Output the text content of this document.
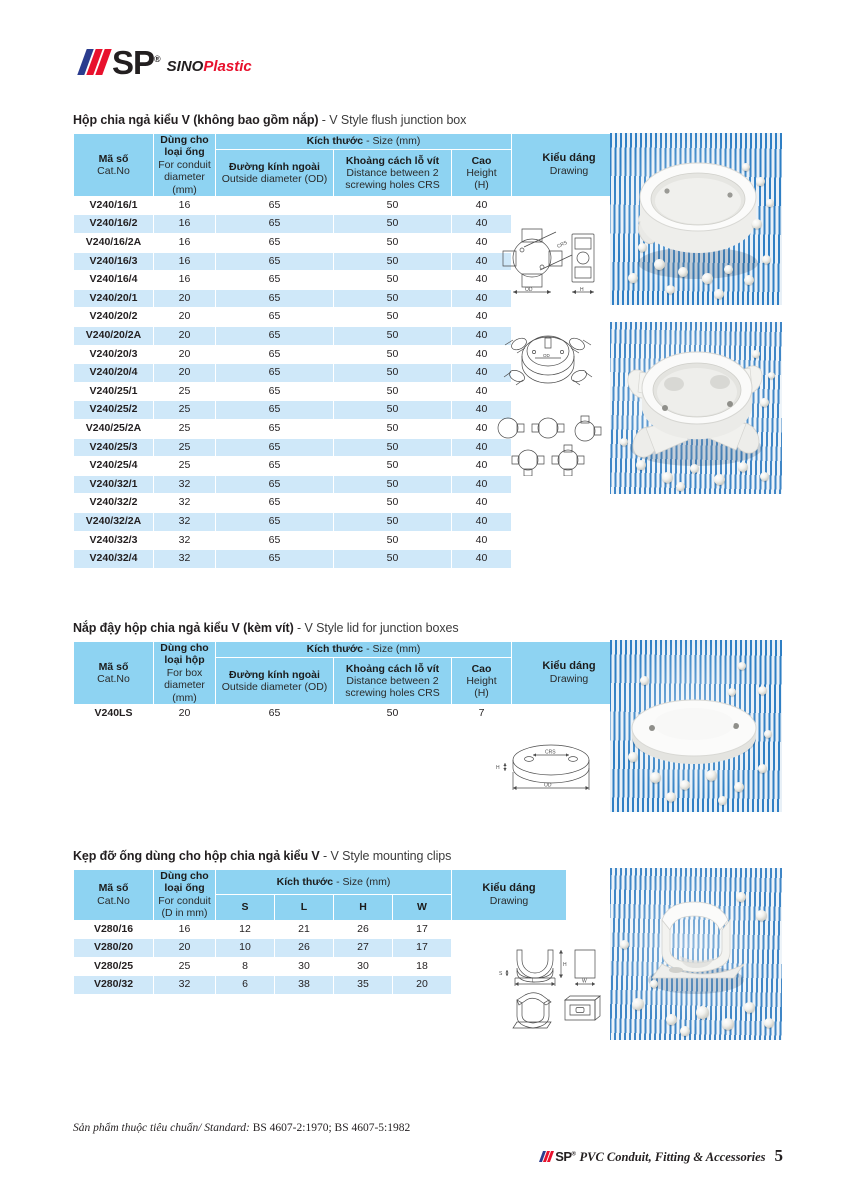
SP® SINOPlastic
Hộp chia ngả kiểu V (không bao gồm nắp) - V Style flush junction box
Mã số
Cat.No	Dùng cho
loại ống
For conduit
diameter
(mm)	Kích thước - Size (mm)			Kiểu dáng
Drawing

		Đường kính ngoài
Outside diameter (OD)	Khoảng cách lỗ vít
Distance between 2
screwing holes CRS	Cao
Height
(H)	

V240/16/1	16	65	50	40	
V240/16/2	16	65	50	40	
V240/16/2A	16	65	50	40	
V240/16/3	16	65	50	40	
V240/16/4	16	65	50	40	
V240/20/1	20	65	50	40	
V240/20/2	20	65	50	40	
V240/20/2A	20	65	50	40	
V240/20/3	20	65	50	40	
V240/20/4	20	65	50	40	
V240/25/1	25	65	50	40	
V240/25/2	25	65	50	40	
V240/25/2A	25	65	50	40	
V240/25/3	25	65	50	40	
V240/25/4	25	65	50	40	
V240/32/1	32	65	50	40	
V240/32/2	32	65	50	40	
V240/32/2A	32	65	50	40	
V240/32/3	32	65	50	40	
V240/32/4	32	65	50	40	
CRS
OD	H
OD
Nắp đậy hộp chia ngả kiểu V (kèm vít) - V Style lid for junction boxes
Mã số
Cat.No	Dùng cho
loại hộp
For box
diameter
(mm)	Kích thước - Size (mm)			Kiểu dáng
Drawing

		Đường kính ngoài
Outside diameter (OD)	Khoảng cách lỗ vít
Distance between 2
screwing holes CRS	Cao
Height
(H)	

V240LS	20	65	50	7	
CRS
H
OD
Kẹp đỡ ống dùng cho hộp chia ngả kiểu V - V Style mounting clips
Mã số
Cat.No	Dùng cho
loại ống
For conduit
(D in mm)	Kích thước - Size (mm)				Kiểu dáng
Drawing

		S	L	H	W	

V280/16	16	12	21	26	17	
V280/20	20	10	26	27	17	
V280/25	25	8	30	30	18	
V280/32	32	6	38	35	20		L
S
H
W
Sản phẩm thuộc tiêu chuẩn/ Standard: BS 4607-2:1970; BS 4607-5:1982
SP® PVC Conduit, Fitting & Accessories 5
